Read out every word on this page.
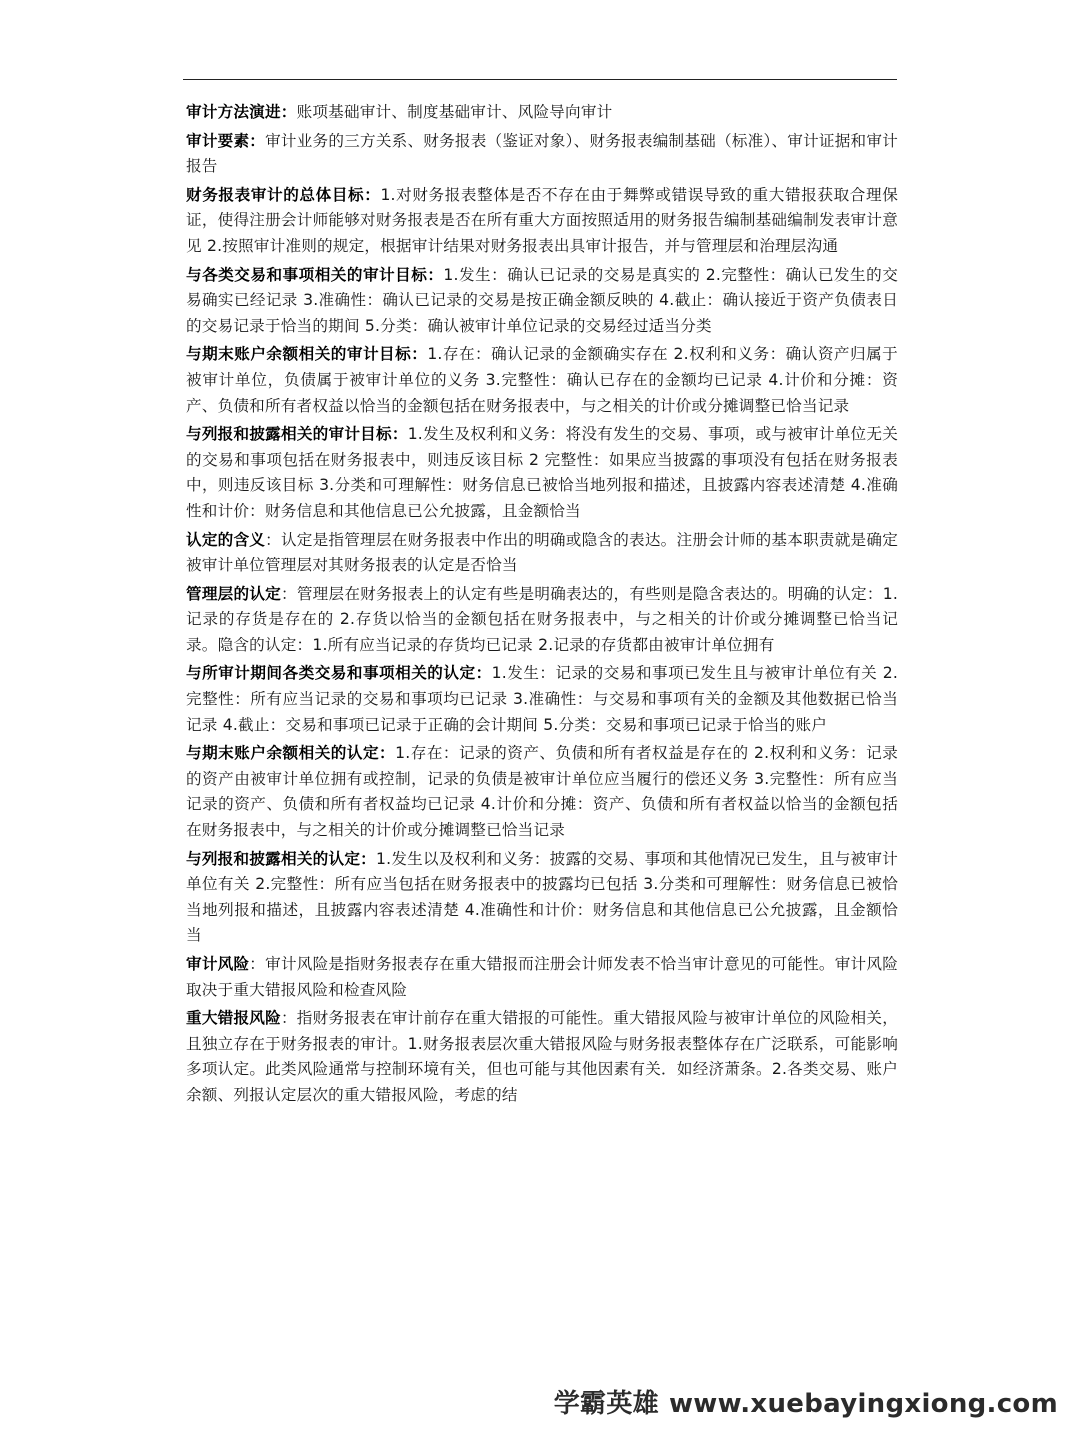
审计方法演进：账项基础审计、制度基础审计、风险导向审计

审计要素：审计业务的三方关系、财务报表（鉴证对象）、财务报表编制基础（标准）、审计证据和审计报告

财务报表审计的总体目标：1.对财务报表整体是否不存在由于舞弊或错误导致的重大错报获取合理保证，使得注册会计师能够对财务报表是否在所有重大方面按照适用的财务报告编制基础编制发表审计意见 2.按照审计准则的规定，根据审计结果对财务报表出具审计报告，并与管理层和治理层沟通

与各类交易和事项相关的审计目标：1.发生：确认已记录的交易是真实的 2.完整性：确认已发生的交易确实已经记录 3.准确性：确认已记录的交易是按正确金额反映的 4.截止：确认接近于资产负债表日的交易记录于恰当的期间 5.分类：确认被审计单位记录的交易经过适当分类

与期末账户余额相关的审计目标：1.存在：确认记录的金额确实存在 2.权利和义务：确认资产归属于被审计单位，负债属于被审计单位的义务 3.完整性：确认已存在的金额均已记录 4.计价和分摊：资产、负债和所有者权益以恰当的金额包括在财务报表中，与之相关的计价或分摊调整已恰当记录

与列报和披露相关的审计目标：1.发生及权利和义务：将没有发生的交易、事项，或与被审计单位无关的交易和事项包括在财务报表中，则违反该目标 2 完整性：如果应当披露的事项没有包括在财务报表中，则违反该目标 3.分类和可理解性：财务信息已被恰当地列报和描述，且披露内容表述清楚 4.准确性和计价：财务信息和其他信息已公允披露，且金额恰当

认定的含义：认定是指管理层在财务报表中作出的明确或隐含的表达。注册会计师的基本职责就是确定被审计单位管理层对其财务报表的认定是否恰当

管理层的认定：管理层在财务报表上的认定有些是明确表达的，有些则是隐含表达的。明确的认定：1.记录的存货是存在的 2.存货以恰当的金额包括在财务报表中，与之相关的计价或分摊调整已恰当记录。隐含的认定：1.所有应当记录的存货均已记录 2.记录的存货都由被审计单位拥有

与所审计期间各类交易和事项相关的认定：1.发生：记录的交易和事项已发生且与被审计单位有关 2.完整性：所有应当记录的交易和事项均已记录 3.准确性：与交易和事项有关的金额及其他数据已恰当记录 4.截止：交易和事项已记录于正确的会计期间 5.分类：交易和事项已记录于恰当的账户

与期末账户余额相关的认定：1.存在：记录的资产、负债和所有者权益是存在的 2.权利和义务：记录的资产由被审计单位拥有或控制，记录的负债是被审计单位应当履行的偿还义务 3.完整性：所有应当记录的资产、负债和所有者权益均已记录 4.计价和分摊：资产、负债和所有者权益以恰当的金额包括在财务报表中，与之相关的计价或分摊调整已恰当记录

与列报和披露相关的认定：1.发生以及权利和义务：披露的交易、事项和其他情况已发生，且与被审计单位有关 2.完整性：所有应当包括在财务报表中的披露均已包括 3.分类和可理解性：财务信息已被恰当地列报和描述，且披露内容表述清楚 4.准确性和计价：财务信息和其他信息已公允披露，且金额恰当

审计风险：审计风险是指财务报表存在重大错报而注册会计师发表不恰当审计意见的可能性。审计风险取决于重大错报风险和检查风险

重大错报风险：指财务报表在审计前存在重大错报的可能性。重大错报风险与被审计单位的风险相关，且独立存在于财务报表的审计。1.财务报表层次重大错报风险与财务报表整体存在广泛联系，可能影响多项认定。此类风险通常与控制环境有关，但也可能与其他因素有关．如经济萧条。2.各类交易、账户余额、列报认定层次的重大错报风险，考虑的结

学霸英雄 www.xuebayingxiong.com
